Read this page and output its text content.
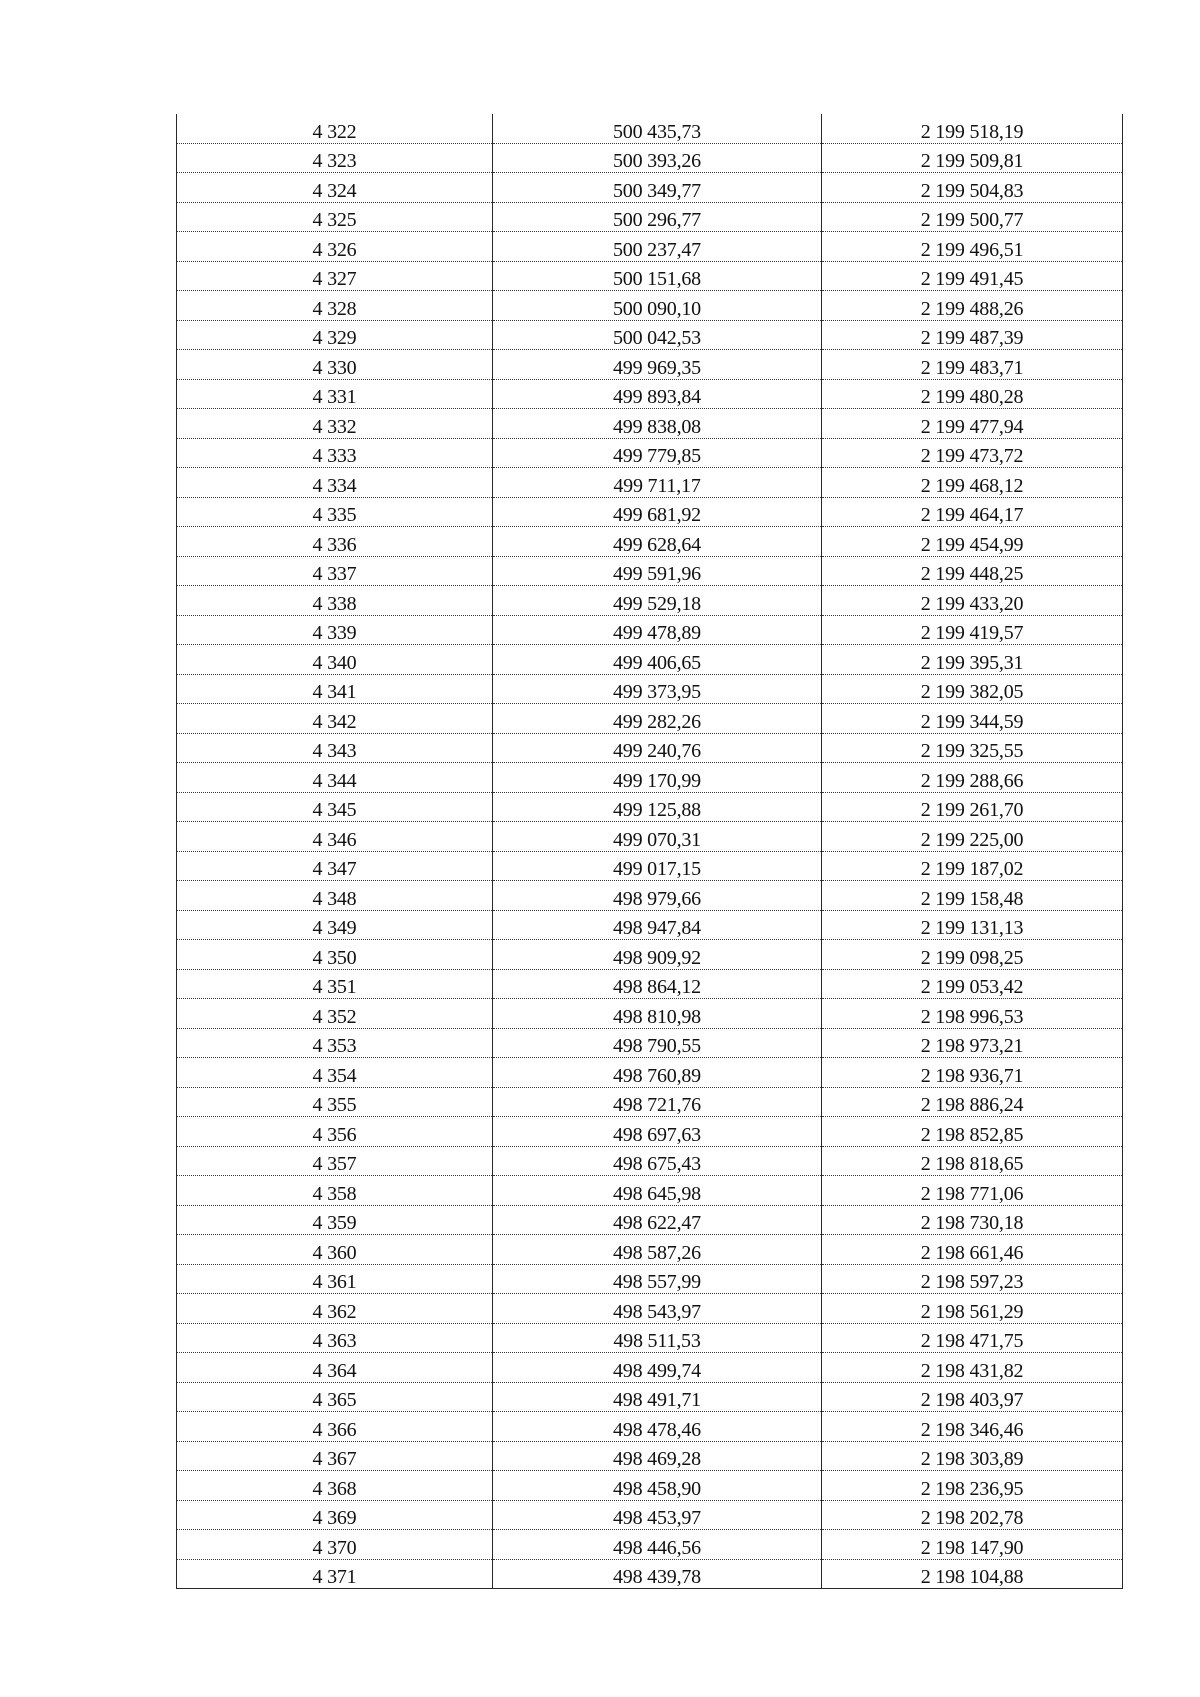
4 322	500 435,73	2 199 518,19
4 323	500 393,26	2 199 509,81
4 324	500 349,77	2 199 504,83
4 325	500 296,77	2 199 500,77
4 326	500 237,47	2 199 496,51
4 327	500 151,68	2 199 491,45
4 328	500 090,10	2 199 488,26
4 329	500 042,53	2 199 487,39
4 330	499 969,35	2 199 483,71
4 331	499 893,84	2 199 480,28
4 332	499 838,08	2 199 477,94
4 333	499 779,85	2 199 473,72
4 334	499 711,17	2 199 468,12
4 335	499 681,92	2 199 464,17
4 336	499 628,64	2 199 454,99
4 337	499 591,96	2 199 448,25
4 338	499 529,18	2 199 433,20
4 339	499 478,89	2 199 419,57
4 340	499 406,65	2 199 395,31
4 341	499 373,95	2 199 382,05
4 342	499 282,26	2 199 344,59
4 343	499 240,76	2 199 325,55
4 344	499 170,99	2 199 288,66
4 345	499 125,88	2 199 261,70
4 346	499 070,31	2 199 225,00
4 347	499 017,15	2 199 187,02
4 348	498 979,66	2 199 158,48
4 349	498 947,84	2 199 131,13
4 350	498 909,92	2 199 098,25
4 351	498 864,12	2 199 053,42
4 352	498 810,98	2 198 996,53
4 353	498 790,55	2 198 973,21
4 354	498 760,89	2 198 936,71
4 355	498 721,76	2 198 886,24
4 356	498 697,63	2 198 852,85
4 357	498 675,43	2 198 818,65
4 358	498 645,98	2 198 771,06
4 359	498 622,47	2 198 730,18
4 360	498 587,26	2 198 661,46
4 361	498 557,99	2 198 597,23
4 362	498 543,97	2 198 561,29
4 363	498 511,53	2 198 471,75
4 364	498 499,74	2 198 431,82
4 365	498 491,71	2 198 403,97
4 366	498 478,46	2 198 346,46
4 367	498 469,28	2 198 303,89
4 368	498 458,90	2 198 236,95
4 369	498 453,97	2 198 202,78
4 370	498 446,56	2 198 147,90
4 371	498 439,78	2 198 104,88
